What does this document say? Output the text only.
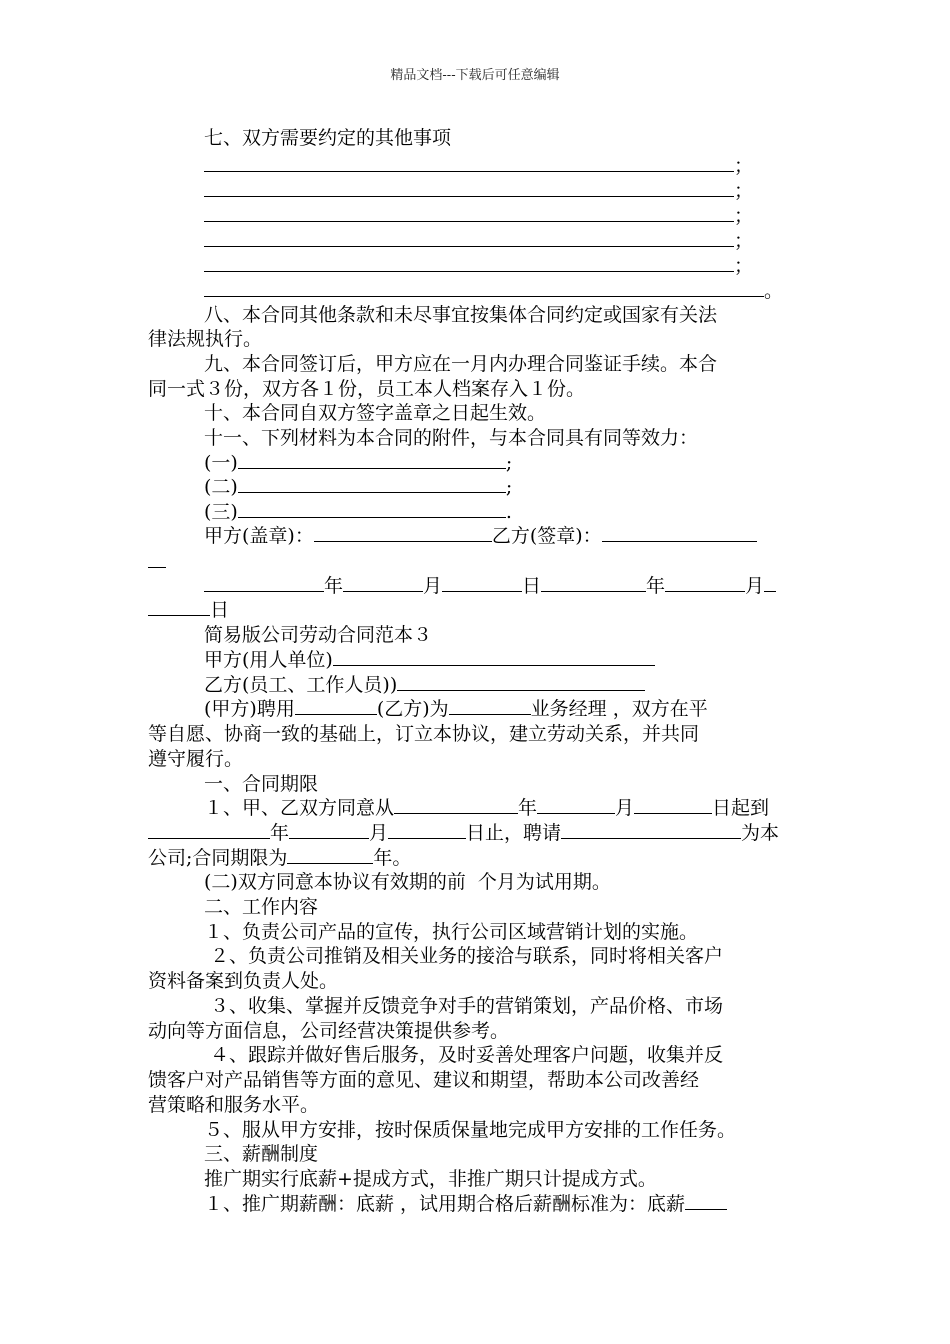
精品文档---下载后可任意编辑
七、双方需要约定的其他事项
；
；
；
；
；
。
八、本合同其他条款和未尽事宜按集体合同约定或国家有关法
律法规执行。
九、本合同签订后，甲方应在一月内办理合同鉴证手续。本合
同一式３份，双方各１份，员工本人档案存入１份。
十、本合同自双方签字盖章之日起生效。
十一、下列材料为本合同的附件，与本合同具有同等效力：
(一)	;
(二)	;
(三)	.
甲方(盖章)：	乙方(签章)：
年	月	日	年	月
日
简易版公司劳动合同范本３
甲方(用人单位)
乙方(员工、工作人员))
(甲方)聘用	(乙方)为	业务经理 ，双方在平
等自愿、协商一致的基础上，订立本协议，建立劳动关系，并共同
遵守履行。
一、合同期限
１、甲、乙双方同意从	年	月	日起到
年	月	日止，聘请	为本
公司;合同期限为	年。
(二)双方同意本协议有效期的前  个月为试用期。
二、工作内容
１、负责公司产品的宣传，执行公司区域营销计划的实施。
２、负责公司推销及相关业务的接洽与联系，同时将相关客户
资料备案到负责人处。
３、收集、掌握并反馈竞争对手的营销策划，产品价格、市场
动向等方面信息，公司经营决策提供参考。
４、跟踪并做好售后服务，及时妥善处理客户问题，收集并反
馈客户对产品销售等方面的意见、建议和期望，帮助本公司改善经
营策略和服务水平。
５、服从甲方安排，按时保质保量地完成甲方安排的工作任务。
三、薪酬制度
推广期实行底薪+提成方式，非推广期只计提成方式。
１、推广期薪酬：底薪 ，试用期合格后薪酬标准为：底薪
